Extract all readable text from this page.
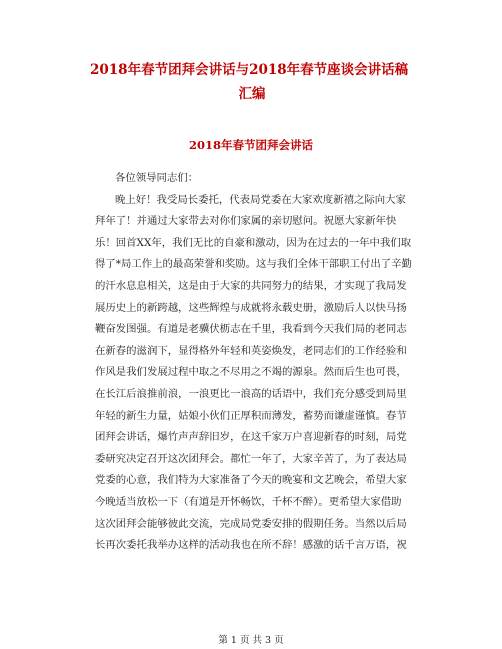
2018年春节团拜会讲话与2018年春节座谈会讲话稿
汇编
2018年春节团拜会讲话
各位领导同志们：
晚上好！我受局长委托，代表局党委在大家欢度新禧之际向大家
拜年了！并通过大家带去对你们家属的亲切慰问。祝愿大家新年快
乐！回首XX年，我们无比的自豪和激动，因为在过去的一年中我们取
得了*局工作上的最高荣誉和奖励。这与我们全体干部职工付出了辛勤
的汗水息息相关，这是由于大家的共同努力的结果，才实现了我局发
展历史上的新跨越，这些辉煌与成就将永载史册，激励后人以快马扬
鞭奋发图强。有道是老骥伏枥志在千里，我看到今天我们局的老同志
在新春的滋润下，显得格外年轻和英姿焕发，老同志们的工作经验和
作风是我们发展过程中取之不尽用之不竭的源泉。然而后生也可畏，
在长江后浪推前浪，一浪更比一浪高的话语中，我们充分感受到局里
年轻的新生力量，姑娘小伙们正厚积而薄发，蓄势而谦虚谨慎。春节
团拜会讲话，爆竹声声辞旧岁，在这千家万户喜迎新春的时刻，局党
委研究决定召开这次团拜会。都忙一年了，大家辛苦了，为了表达局
党委的心意，我们特为大家准备了今天的晚宴和文艺晚会，希望大家
今晚适当放松一下（有道是开怀畅饮，千杯不醉）。更希望大家借助
这次团拜会能够彼此交流，完成局党委安排的假期任务。当然以后局
长再次委托我举办这样的活动我也在所不辞！感激的话千言万语，祝
第 1 页 共 3 页
